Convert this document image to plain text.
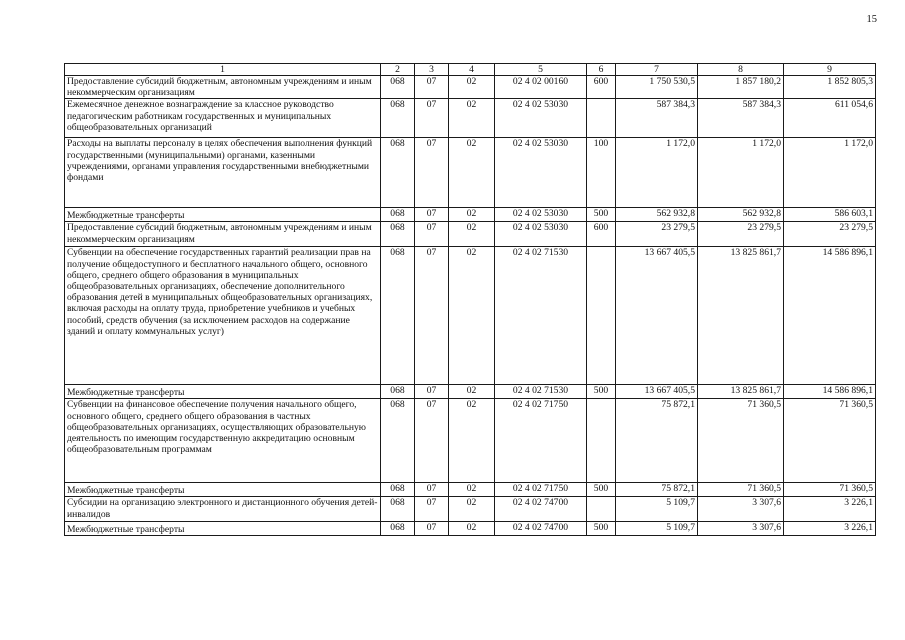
15
1	2	3	4	5	6	7	8	9
Предоставление субсидий бюджетным, автономным учреждениям и иным некоммерческим организациям	068	07	02	02 4 02 00160	600	1 750 530,5	1 857 180,2	1 852 805,3
Ежемесячное денежное вознаграждение за классное руководство педагогическим работникам государственных и муниципальных общеобразовательных организаций	068	07	02	02 4 02 53030		587 384,3	587 384,3	611 054,6
Расходы на выплаты персоналу в целях обеспечения выполнения функций государственными (муниципальными) органами, казенными учреждениями, органами управления государственными внебюджетными фондами	068	07	02	02 4 02 53030	100	1 172,0	1 172,0	1 172,0
Межбюджетные трансферты	068	07	02	02 4 02 53030	500	562 932,8	562 932,8	586 603,1
Предоставление субсидий бюджетным, автономным учреждениям и иным некоммерческим организациям	068	07	02	02 4 02 53030	600	23 279,5	23 279,5	23 279,5
Субвенции на обеспечение государственных гарантий реализации прав на получение общедоступного и бесплатного начального общего, основного общего, среднего общего образования в муниципальных общеобразовательных организациях, обеспечение дополнительного образования детей в муниципальных общеобразовательных организациях, включая расходы на оплату труда, приобретение учебников и учебных пособий, средств обучения (за исключением расходов на содержание зданий и оплату коммунальных услуг)	068	07	02	02 4 02 71530		13 667 405,5	13 825 861,7	14 586 896,1
Межбюджетные трансферты	068	07	02	02 4 02 71530	500	13 667 405,5	13 825 861,7	14 586 896,1
Субвенции на финансовое обеспечение получения начального общего, основного общего, среднего общего образования в частных общеобразовательных организациях, осуществляющих образовательную деятельность по имеющим государственную аккредитацию основным общеобразовательным программам	068	07	02	02 4 02 71750		75 872,1	71 360,5	71 360,5
Межбюджетные трансферты	068	07	02	02 4 02 71750	500	75 872,1	71 360,5	71 360,5
Субсидии на организацию электронного и дистанционного обучения детей-инвалидов	068	07	02	02 4 02 74700		5 109,7	3 307,6	3 226,1
Межбюджетные трансферты	068	07	02	02 4 02 74700	500	5 109,7	3 307,6	3 226,1
